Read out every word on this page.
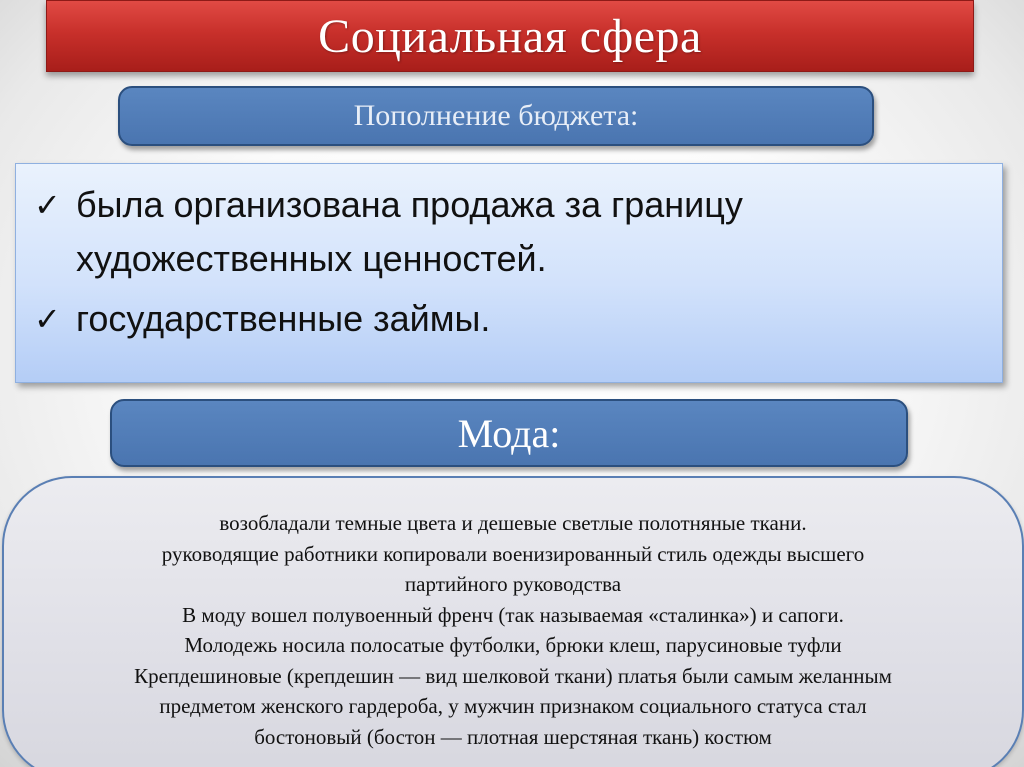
Социальная сфера
Пополнение бюджета:
✓ была организована продажа за границу художественных ценностей.
✓ государственные займы.
Мода:
возобладали темные цвета и дешевые светлые полотняные ткани.
руководящие работники копировали военизированный стиль одежды высшего
партийного руководства
В моду вошел полувоенный френч (так называемая «сталинка») и сапоги.
Молодежь носила полосатые футболки, брюки клеш, парусиновые туфли
Крепдешиновые (крепдешин — вид шелковой ткани) платья были самым желанным
предметом женского гардероба, у мужчин признаком социального статуса стал
бостоновый (бостон — плотная шерстяная ткань) костюм
